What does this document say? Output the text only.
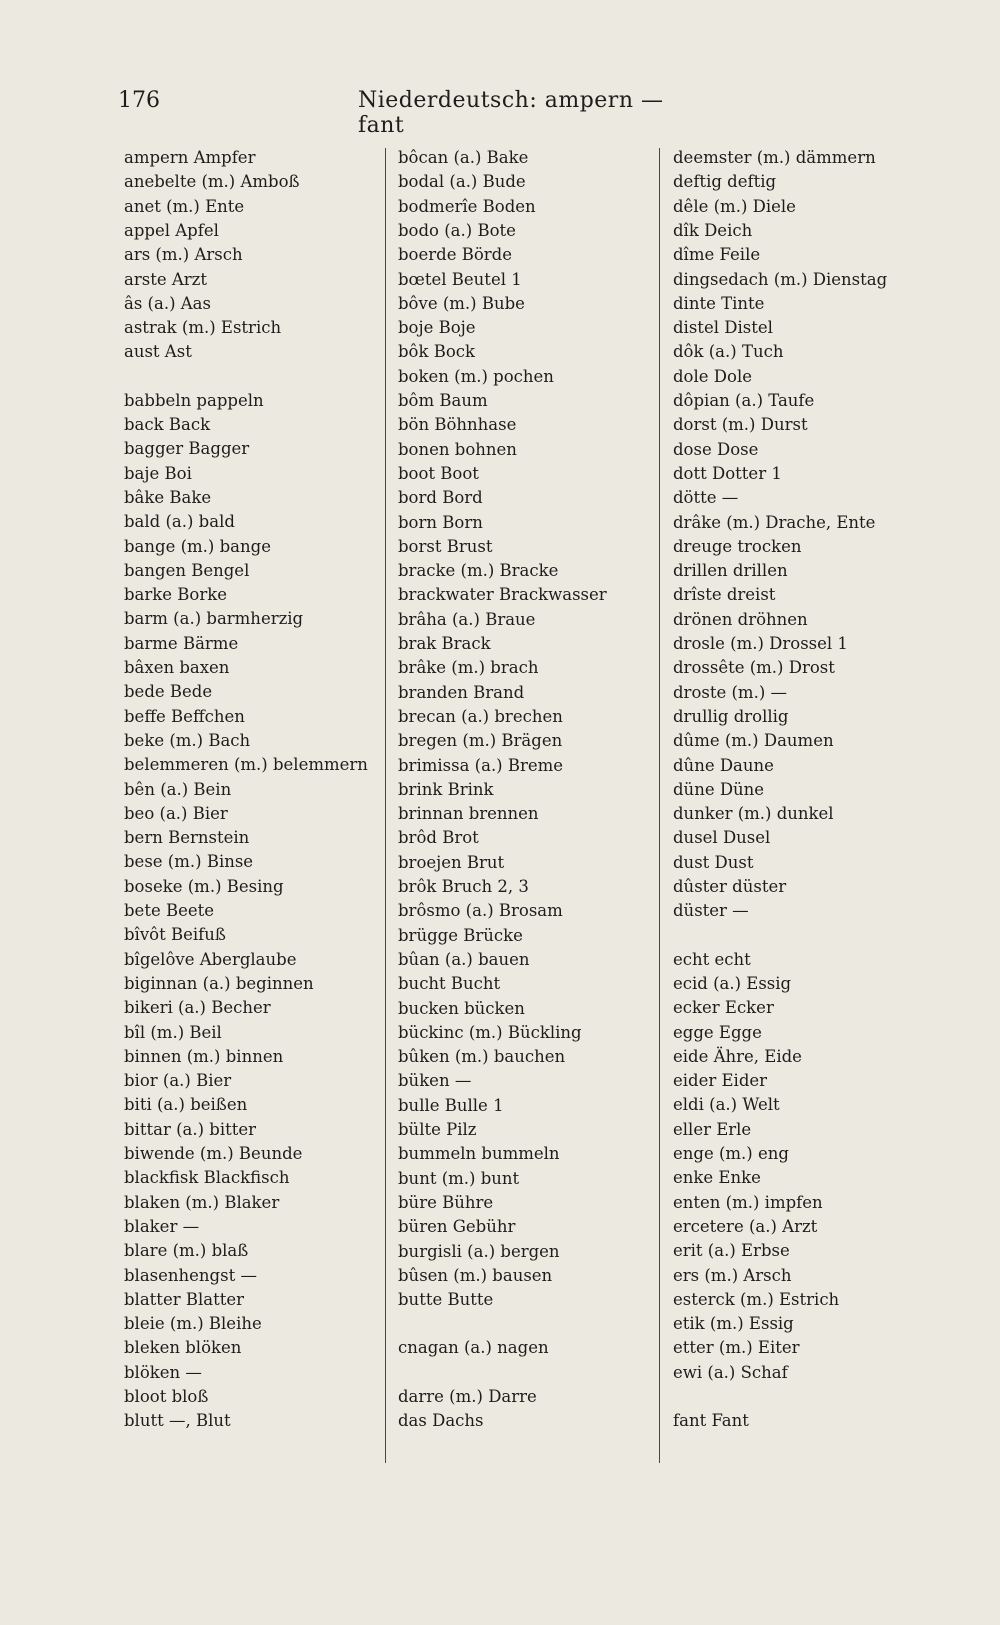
176	Niederdeutsch: ampern — fant
ampern Ampfer
anebelte (m.) Amboß
anet (m.) Ente
appel Apfel
ars (m.) Arsch
arste Arzt
âs (a.) Aas
astrak (m.) Estrich
aust Ast
babbeln pappeln
back Back
bagger Bagger
baje Boi
bâke Bake
bald (a.) bald
bange (m.) bange
bangen Bengel
barke Borke
barm (a.) barmherzig
barme Bärme
bâxen baxen
bede Bede
beffe Beffchen
beke (m.) Bach
belemmeren (m.) belemmern
bên (a.) Bein
beo (a.) Bier
bern Bernstein
bese (m.) Binse
boseke (m.) Besing
bete Beete
bîvôt Beifuß
bîgelôve Aberglaube
biginnan (a.) beginnen
bikeri (a.) Becher
bîl (m.) Beil
binnen (m.) binnen
bior (a.) Bier
biti (a.) beißen
bittar (a.) bitter
biwende (m.) Beunde
blackfisk Blackfisch
blaken (m.) Blaker
blaker —
blare (m.) blaß
blasenhengst —
blatter Blatter
bleie (m.) Bleihe
bleken blöken
blöken —
bloot bloß
blutt —, Blut
bôcan (a.) Bake
bodal (a.) Bude
bodmerîe Boden
bodo (a.) Bote
boerde Börde
bœtel Beutel 1
bôve (m.) Bube
boje Boje
bôk Bock
boken (m.) pochen
bôm Baum
bön Böhnhase
bonen bohnen
boot Boot
bord Bord
born Born
borst Brust
bracke (m.) Bracke
brackwater Brackwasser
brâha (a.) Braue
brak Brack
brâke (m.) brach
branden Brand
brecan (a.) brechen
bregen (m.) Brägen
brimissa (a.) Breme
brink Brink
brinnan brennen
brôd Brot
broejen Brut
brôk Bruch 2, 3
brôsmo (a.) Brosam
brügge Brücke
bûan (a.) bauen
bucht Bucht
bucken bücken
bückinc (m.) Bückling
bûken (m.) bauchen
büken —
bulle Bulle 1
bülte Pilz
bummeln bummeln
bunt (m.) bunt
büre Bühre
büren Gebühr
burgisli (a.) bergen
bûsen (m.) bausen
butte Butte
cnagan (a.) nagen
darre (m.) Darre
das Dachs
deemster (m.) dämmern
deftig deftig
dêle (m.) Diele
dîk Deich
dîme Feile
dingsedach (m.) Dienstag
dinte Tinte
distel Distel
dôk (a.) Tuch
dole Dole
dôpian (a.) Taufe
dorst (m.) Durst
dose Dose
dott Dotter 1
dötte —
drâke (m.) Drache, Ente
dreuge trocken
drillen drillen
drîste dreist
drönen dröhnen
drosle (m.) Drossel 1
drossête (m.) Drost
droste (m.) —
drullig drollig
dûme (m.) Daumen
dûne Daune
düne Düne
dunker (m.) dunkel
dusel Dusel
dust Dust
dûster düster
düster —
echt echt
ecid (a.) Essig
ecker Ecker
egge Egge
eide Ähre, Eide
eider Eider
eldi (a.) Welt
eller Erle
enge (m.) eng
enke Enke
enten (m.) impfen
ercetere (a.) Arzt
erit (a.) Erbse
ers (m.) Arsch
esterck (m.) Estrich
etik (m.) Essig
etter (m.) Eiter
ewi (a.) Schaf
fant Fant
